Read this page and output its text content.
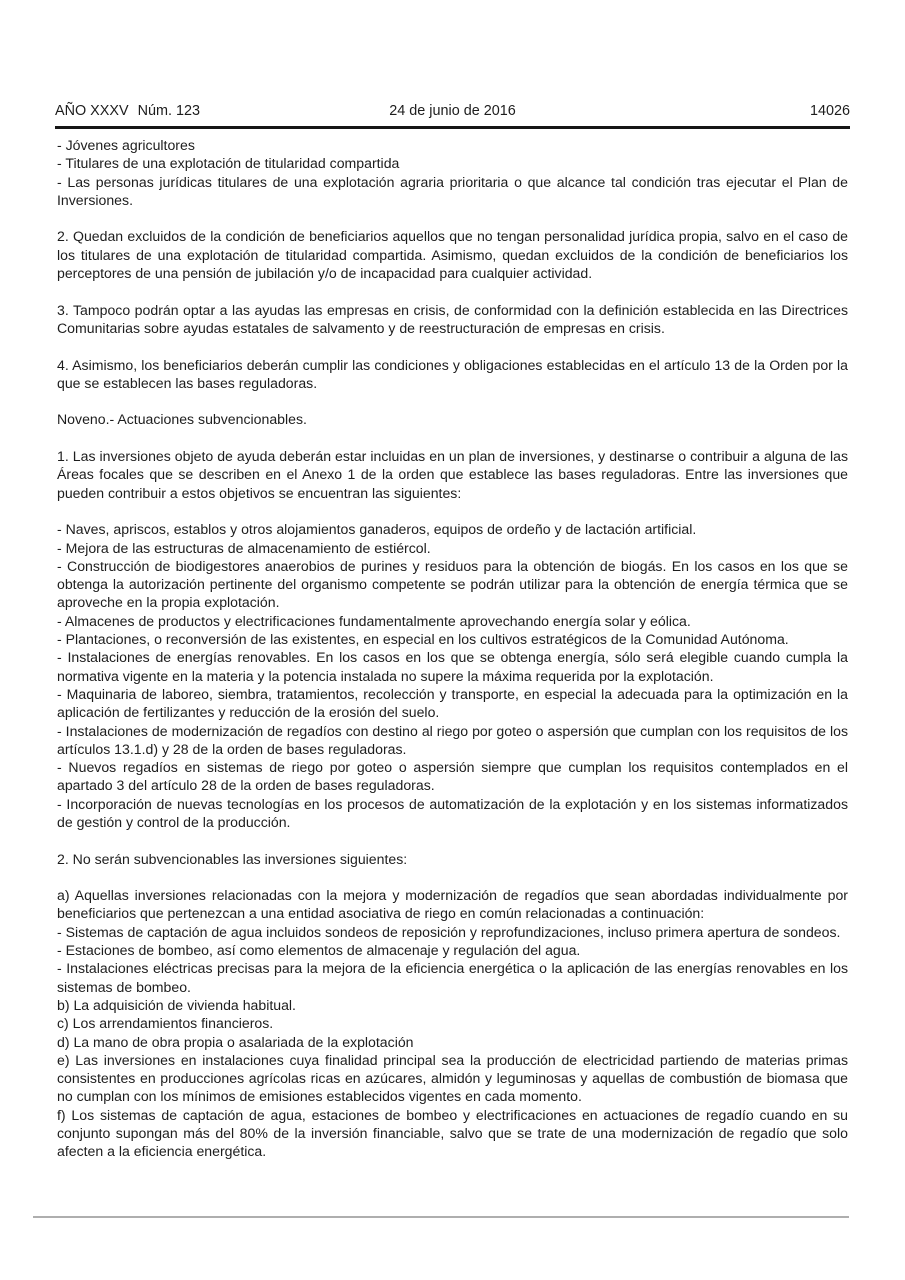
AÑO XXXV Núm. 123	24 de junio de 2016	14026

- Jóvenes agricultores

- Titulares de una explotación de titularidad compartida

- Las personas jurídicas titulares de una explotación agraria prioritaria o que alcance tal condición tras ejecutar el Plan de Inversiones.

2. Quedan excluidos de la condición de beneficiarios aquellos que no tengan personalidad jurídica propia, salvo en el caso de los titulares de una explotación de titularidad compartida. Asimismo, quedan excluidos de la condición de beneficiarios los perceptores de una pensión de jubilación y/o de incapacidad para cualquier actividad.

3. Tampoco podrán optar a las ayudas las empresas en crisis, de conformidad con la definición establecida en las Directrices Comunitarias sobre ayudas estatales de salvamento y de reestructuración de empresas en crisis.

4. Asimismo, los beneficiarios deberán cumplir las condiciones y obligaciones establecidas en el artículo 13 de la Orden por la que se establecen las bases reguladoras.

Noveno.- Actuaciones subvencionables.

1. Las inversiones objeto de ayuda deberán estar incluidas en un plan de inversiones, y destinarse o contribuir a alguna de las Áreas focales que se describen en el Anexo 1 de la orden que establece las bases reguladoras. Entre las inversiones que pueden contribuir a estos objetivos se encuentran las siguientes:

- Naves, apriscos, establos y otros alojamientos ganaderos, equipos de ordeño y de lactación artificial.

- Mejora de las estructuras de almacenamiento de estiércol.

- Construcción de biodigestores anaerobios de purines y residuos para la obtención de biogás. En los casos en los que se obtenga la autorización pertinente del organismo competente se podrán utilizar para la obtención de energía térmica que se aproveche en la propia explotación.

- Almacenes de productos y electrificaciones fundamentalmente aprovechando energía solar y eólica.

- Plantaciones, o reconversión de las existentes, en especial en los cultivos estratégicos de la Comunidad Autónoma.

- Instalaciones de energías renovables. En los casos en los que se obtenga energía, sólo será elegible cuando cumpla la normativa vigente en la materia y la potencia instalada no supere la máxima requerida por la explotación.

- Maquinaria de laboreo, siembra, tratamientos, recolección y transporte, en especial la adecuada para la optimización en la aplicación de fertilizantes y reducción de la erosión del suelo.

- Instalaciones de modernización de regadíos con destino al riego por goteo o aspersión que cumplan con los requisitos de los artículos 13.1.d) y 28 de la orden de bases reguladoras.

- Nuevos regadíos en sistemas de riego por goteo o aspersión siempre que cumplan los requisitos contemplados en el apartado 3 del artículo 28 de la orden de bases reguladoras.

- Incorporación de nuevas tecnologías en los procesos de automatización de la explotación y en los sistemas informatizados de gestión y control de la producción.

2. No serán subvencionables las inversiones siguientes:

a) Aquellas inversiones relacionadas con la mejora y modernización de regadíos que sean abordadas individualmente por beneficiarios que pertenezcan a una entidad asociativa de riego en común relacionadas a continuación:

- Sistemas de captación de agua incluidos sondeos de reposición y reprofundizaciones, incluso primera apertura de sondeos.

- Estaciones de bombeo, así como elementos de almacenaje y regulación del agua.

- Instalaciones eléctricas precisas para la mejora de la eficiencia energética o la aplicación de las energías renovables en los sistemas de bombeo.

b) La adquisición de vivienda habitual.

c) Los arrendamientos financieros.

d) La mano de obra propia o asalariada de la explotación

e) Las inversiones en instalaciones cuya finalidad principal sea la producción de electricidad partiendo de materias primas consistentes en producciones agrícolas ricas en azúcares, almidón y leguminosas y aquellas de combustión de biomasa que no cumplan con los mínimos de emisiones establecidos vigentes en cada momento.

f) Los sistemas de captación de agua, estaciones de bombeo y electrificaciones en actuaciones de regadío cuando en su conjunto supongan más del 80% de la inversión financiable, salvo que se trate de una modernización de regadío que solo afecten a la eficiencia energética.
